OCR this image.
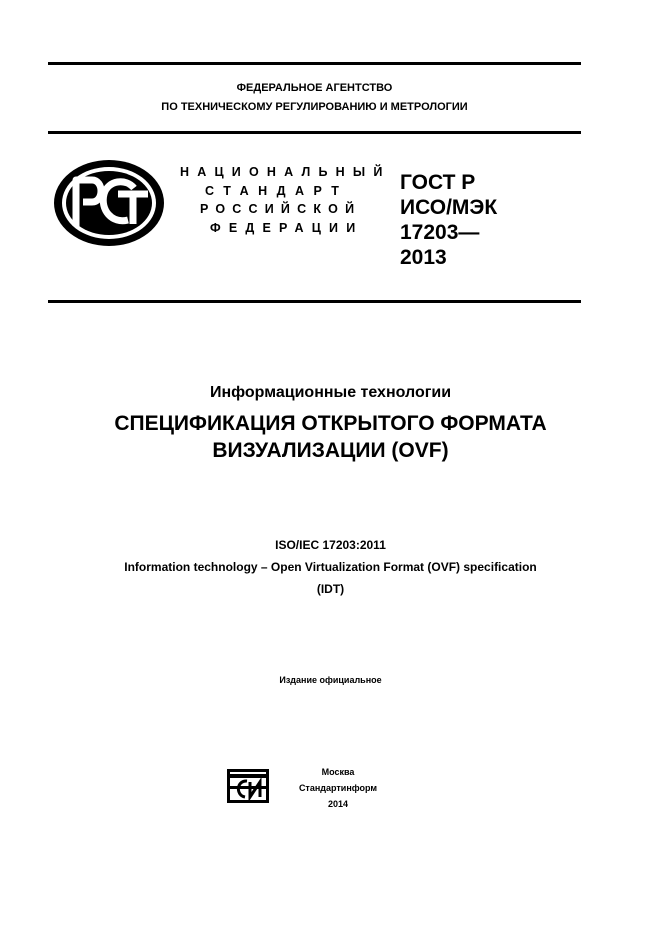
ФЕДЕРАЛЬНОЕ АГЕНТСТВО
ПО ТЕХНИЧЕСКОМУ РЕГУЛИРОВАНИЮ И МЕТРОЛОГИИ
НАЦИОНАЛЬНЫЙ
СТАНДАРТ
РОССИЙСКОЙ
ФЕДЕРАЦИИ
ГОСТ Р
ИСО/МЭК
17203—
2013
Информационные технологии
СПЕЦИФИКАЦИЯ ОТКРЫТОГО ФОРМАТА
ВИЗУАЛИЗАЦИИ (OVF)
ISO/IEC 17203:2011
Information technology – Open Virtualization Format (OVF) specification
(IDT)
Издание официальное
Москва
Стандартинформ
2014
